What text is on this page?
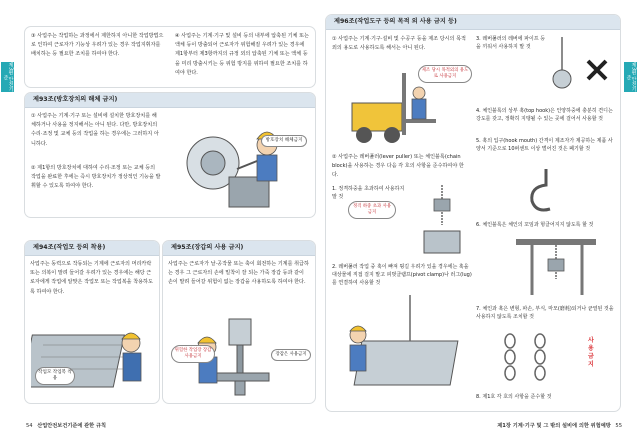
제3편 안전기준
③ 사업주는 작업하는 과정에서 제한하지 아니한 작업방법으로 인하여 근로자가 기능상 우려가 있는 경우 작업지휘자를 배치하는 등 필요한 조치를 하여야 한다.
④ 사업주는 기계·기구 및 설비 등의 내부에 압축된 기체 또는 액체 등이 방출되어 근로자가 위험해질 우려가 있는 경우에 제1항부터 제3항까지의 규정 외의 압축된 기체 또는 액체 등을 미리 방출시키는 등 위험 방지를 위하여 필요한 조치를 하여야 한다.
제93조(방호장치의 해체 금지)
① 사업주는 기계·기구 또는 설비에 설치한 방호장치를 해체하거나 사용을 정지해서는 아니 된다. 다만, 방호장치의 수리·조정 및 교체 등의 작업을 하는 경우에는 그러하지 아니하다.
② 제1항의 방호장치에 대하여 수리·조정 또는 교체 등의 작업을 완료한 후에는 즉시 방호장치가 정상적인 기능을 발휘할 수 있도록 하여야 한다.
방호장치 해체금지
제94조(작업모 등의 착용)
사업주는 동력으로 작동되는 기계에 근로자의 머리카락 또는 의복이 말려 들어갈 우려가 있는 경우에는 해당 근로자에게 작업에 알맞은 작업모 또는 작업복을 착용하도록 하여야 한다.
작업모 작업복 착용
제95조(장갑의 사용 금지)
사업주는 근로자가 날·공작물 또는 축이 회전하는 기계를 취급하는 경우 그 근로자의 손에 밀착이 잘 되는 가죽 장갑 등과 같이 손이 말려 들어갈 위험이 없는 장갑을 사용하도록 하여야 한다.
위험한 작업장 장갑 사용금지	장갑은 사용금지
54 산업안전보건기준에 관한 규칙
제3편 안전기준
제96조(작업도구 등의 목적 외 사용 금지 등)
① 사업주는 기계·기구·설비 및 수공구 등을 제조 당시의 목적 외의 용도로 사용하도록 해서는 아니 된다.
제조 당시 목적외의 용도로 사용금지
② 사업주는 레버풀러(lever puller) 또는 체인블록(chain block)을 사용하는 경우 다음 각 호의 사항을 준수하여야 한다.
1. 정격하중을 초과하여 사용하지 말 것
정격 하중 초과 사용금지
2. 레버풀러 작업 중 훅이 빠져 튕길 우려가 있을 경우에는 훅을 대상물에 직접 걸지 말고 피벗클램프(pivot clamp)나 러그(lug)를 연결하여 사용할 것
3. 레버풀러의 레버에 파이프 등을 끼워서 사용하지 말 것
4. 체인블록의 상부 훅(top hook)은 인양하중에 충분히 견디는 강도를 갖고, 정확히 지탱될 수 있는 곳에 걸어서 사용할 것
5. 훅의 입구(hook mouth) 간격이 제조자가 제공하는 제품 사양서 기준으로 10퍼센트 이상 벌어진 것은 폐기할 것
6. 체인블록은 체인의 꼬임과 헝클어지지 않도록 할 것
7. 체인과 훅은 변형, 파손, 부식, 마모(磨耗)되거나 균열된 것을 사용하지 않도록 조치할 것
사용금지
8. 제1호 각 호의 사항을 준수할 것
제1장 기계·기구 및 그 밖의 설비에 의한 위험예방 55
